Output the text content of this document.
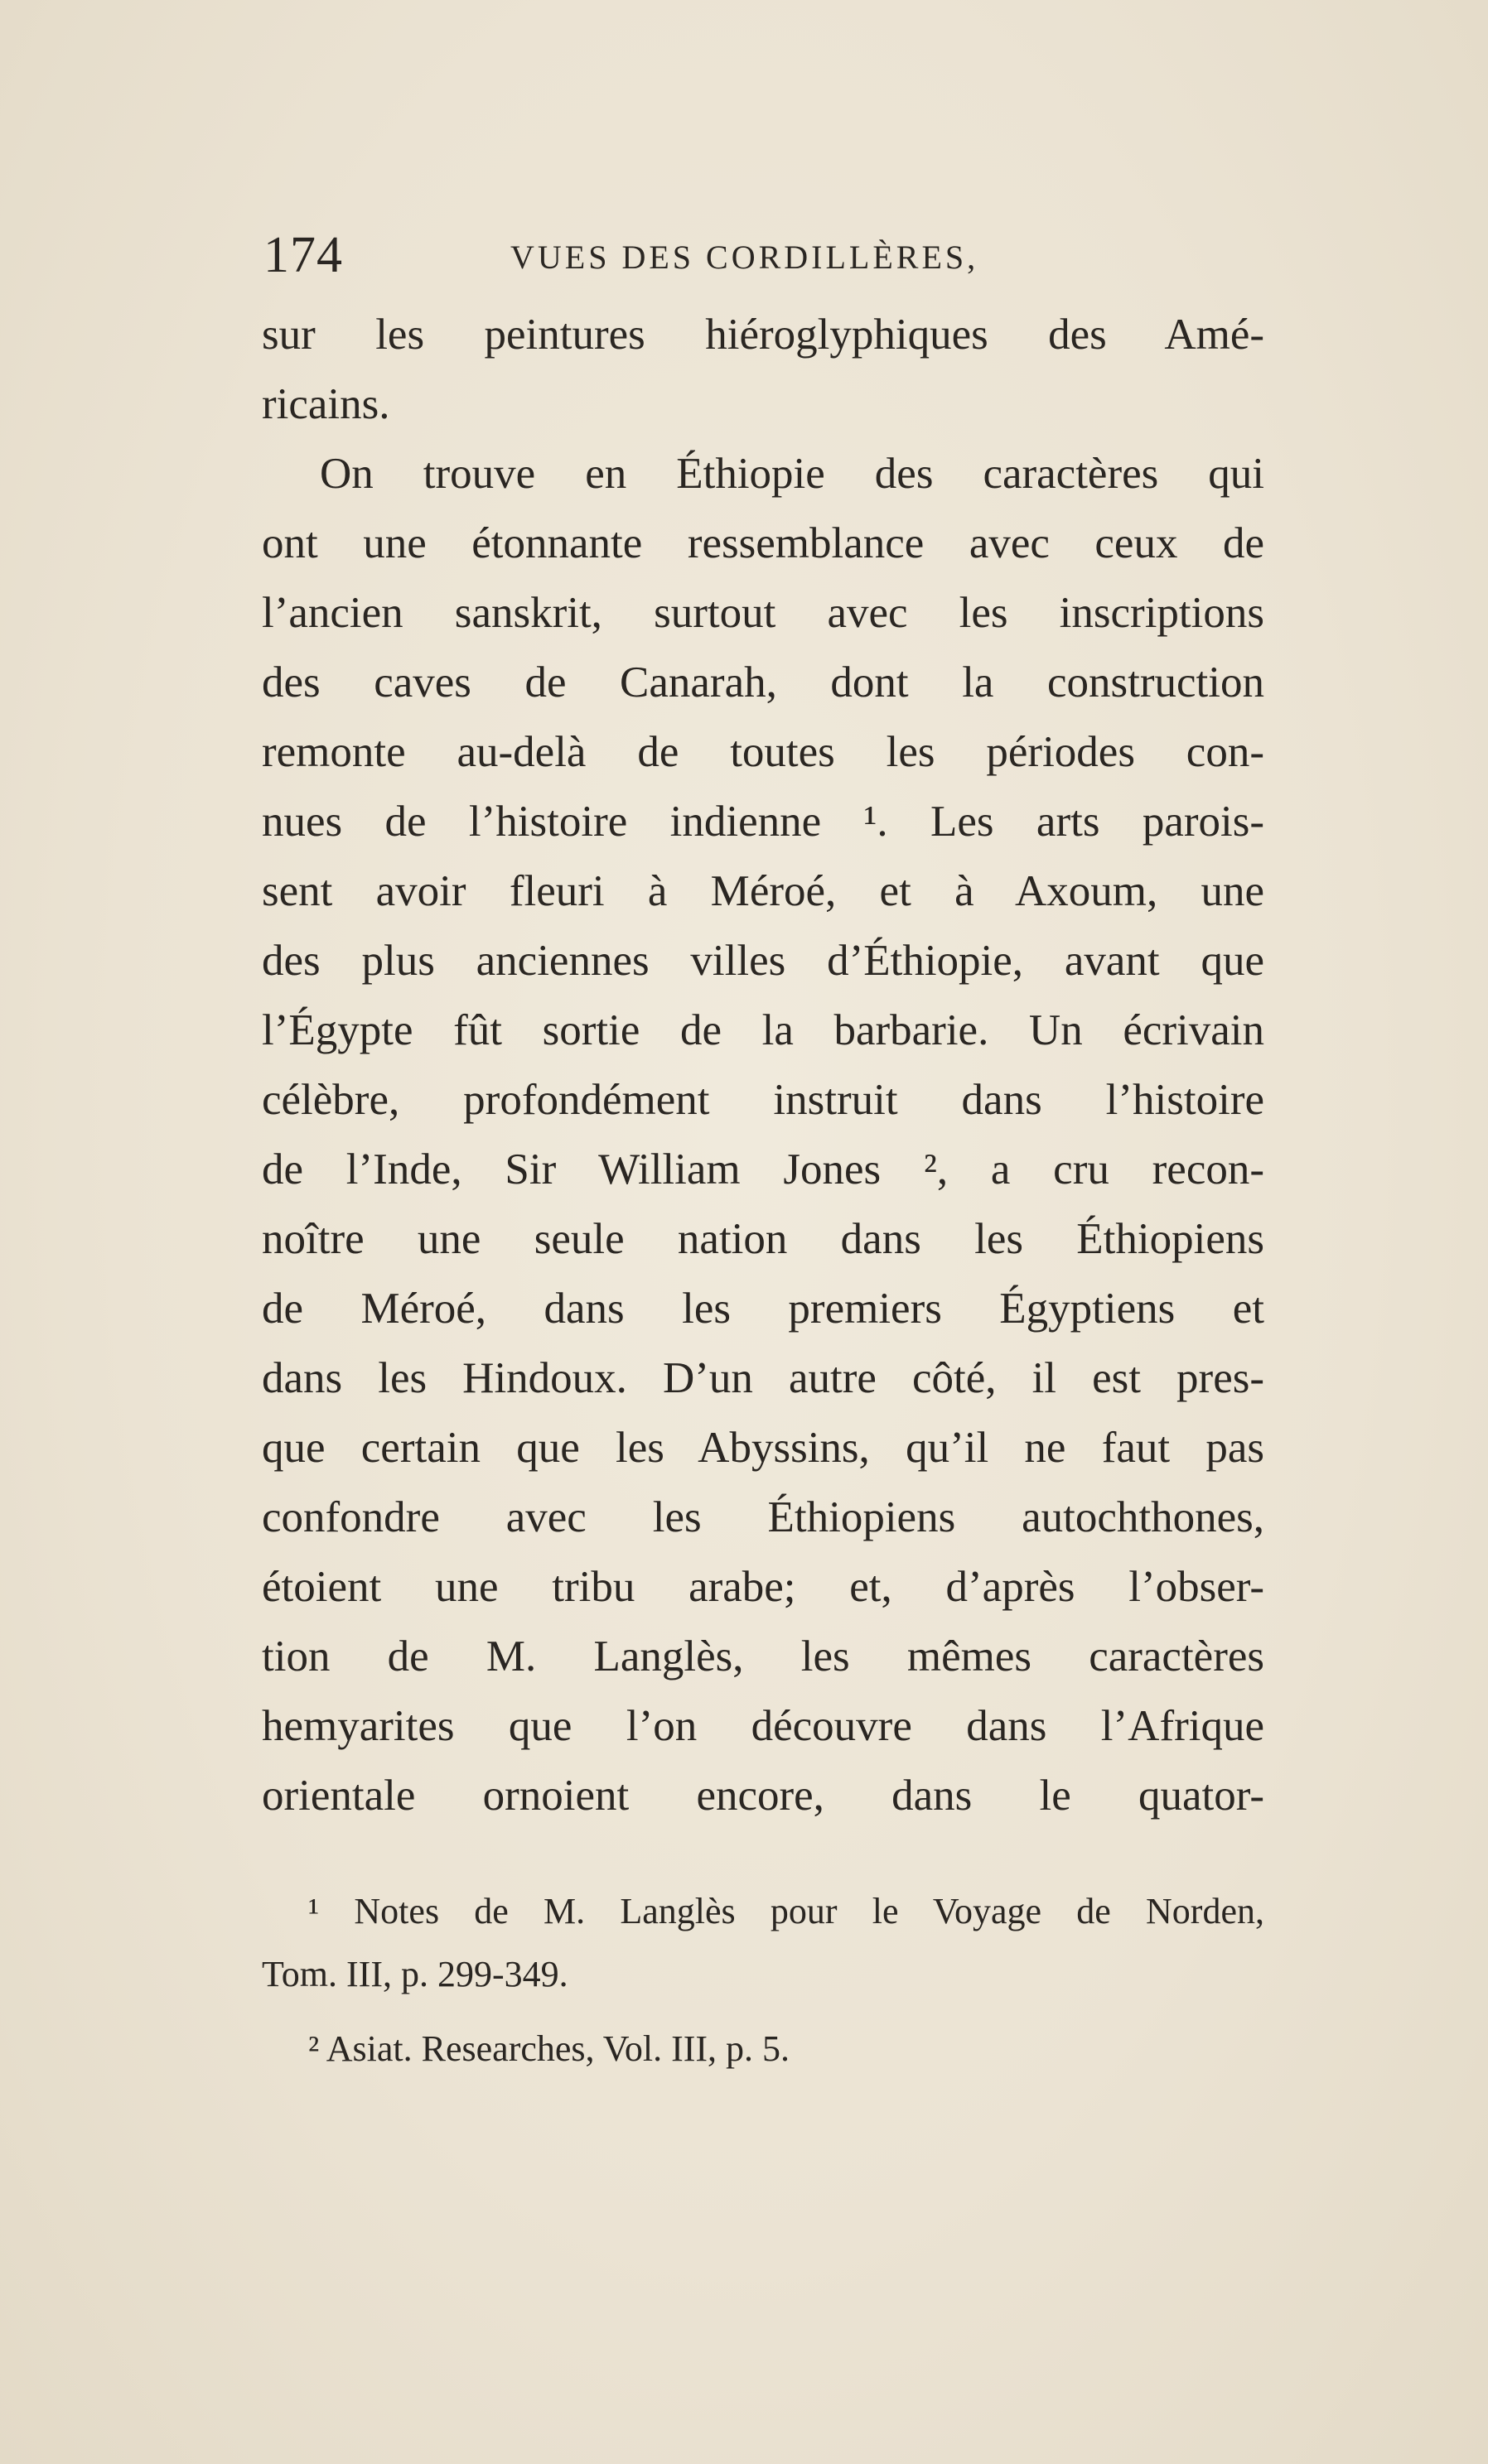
174	VUES DES CORDILLÈRES,
sur les peintures hiéroglyphiques des Amé-
ricains.
On trouve en Éthiopie des caractères qui
ont une étonnante ressemblance avec ceux de
l’ancien sanskrit, surtout avec les inscriptions
des caves de Canarah, dont la construction
remonte au-delà de toutes les périodes con-
nues de l’histoire indienne ¹. Les arts parois-
sent avoir fleuri à Méroé, et à Axoum, une
des plus anciennes villes d’Éthiopie, avant que
l’Égypte fût sortie de la barbarie. Un écrivain
célèbre, profondément instruit dans l’histoire
de l’Inde, Sir William Jones ², a cru recon-
noître une seule nation dans les Éthiopiens
de Méroé, dans les premiers Égyptiens et
dans les Hindoux. D’un autre côté, il est pres-
que certain que les Abyssins, qu’il ne faut pas
confondre avec les Éthiopiens autochthones,
étoient une tribu arabe; et, d’après l’obser-
tion de M. Langlès, les mêmes caractères
hemyarites que l’on découvre dans l’Afrique
orientale ornoient encore, dans le quator-
¹ Notes de M. Langlès pour le Voyage de Norden,
Tom. III, p. 299-349.
² Asiat. Researches, Vol. III, p. 5.
